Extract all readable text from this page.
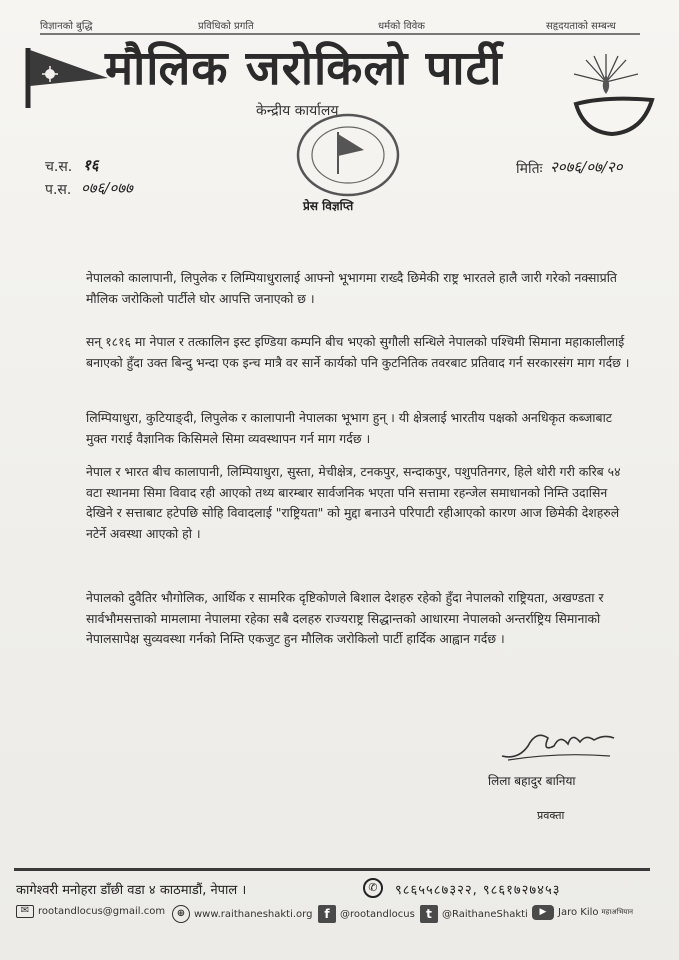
विज्ञानको बुद्धि	प्रविधिको प्रगति	धर्मको विवेक	सहृदयताको सम्बन्ध
मौलिक जरोकिलो पार्टी
केन्द्रीय कार्यालय
च.स. १६
प.स. ०७६/०७७
मितिः २०७६/०७/२०
प्रेस विज्ञप्ति

नेपालको कालापानी, लिपुलेक र लिम्पियाधुरालाई आफ्नो भूभागमा राख्दै छिमेकी राष्ट्र भारतले हालै जारी गरेको नक्साप्रति मौलिक जरोकिलो पार्टीले घोर आपत्ति जनाएको छ ।

सन् १८१६ मा नेपाल र तत्कालिन इस्ट इण्डिया कम्पनि बीच भएको सुगौली सन्धिले नेपालको पश्चिमी सिमाना महाकालीलाई बनाएको हुँदा उक्त बिन्दु भन्दा एक इन्च मात्रै वर सार्ने कार्यको पनि कुटनितिक तवरबाट प्रतिवाद गर्न सरकारसंग माग गर्दछ ।

लिम्पियाधुरा, कुटियाङ्दी, लिपुलेक र कालापानी नेपालका भूभाग हुन् । यी क्षेत्रलाई भारतीय पक्षको अनधिकृत कब्जाबाट मुक्त गराई वैज्ञानिक किसिमले सिमा व्यवस्थापन गर्न माग गर्दछ ।

नेपाल र भारत बीच कालापानी, लिम्पियाधुरा, सुस्ता, मेचीक्षेत्र, टनकपुर, सन्दाकपुर, पशुपतिनगर, हिले थोरी गरी करिब ५४ वटा स्थानमा सिमा विवाद रही आएको तथ्य बारम्बार सार्वजनिक भएता पनि सत्तामा रहन्जेल समाधानको निम्ति उदासिन देखिने र सत्ताबाट हटेपछि सोहि विवादलाई "राष्ट्रियता" को मुद्दा बनाउने परिपाटी रहीआएको कारण आज छिमेकी देशहरुले नटेर्ने अवस्था आएको हो ।

नेपालको दुवैतिर भौगोलिक, आर्थिक र सामरिक दृष्टिकोणले बिशाल देशहरु रहेको हुँदा नेपालको राष्ट्रियता, अखण्डता र सार्वभौमसत्ताको मामलामा नेपालमा रहेका सबै दलहरु राज्यराष्ट्र सिद्धान्तको आधारमा नेपालको अन्तर्राष्ट्रिय सिमानाको नेपालसापेक्ष सुव्यवस्था गर्नको निम्ति एकजुट हुन मौलिक जरोकिलो पार्टी हार्दिक आह्वान गर्दछ ।

लिला बहादुर बानिया
प्रवक्ता
कागेश्वरी मनोहरा डाँछी वडा ४ काठमाडौं, नेपाल ।	✆	९८६५५८७३२२, ९८६१७२७४५३
✉ rootandlocus@gmail.com	⊕ www.raithaneshakti.org f	@rootandlocus t	@RaithaneShakti	▶	Jaro Kilo महाअभियान
